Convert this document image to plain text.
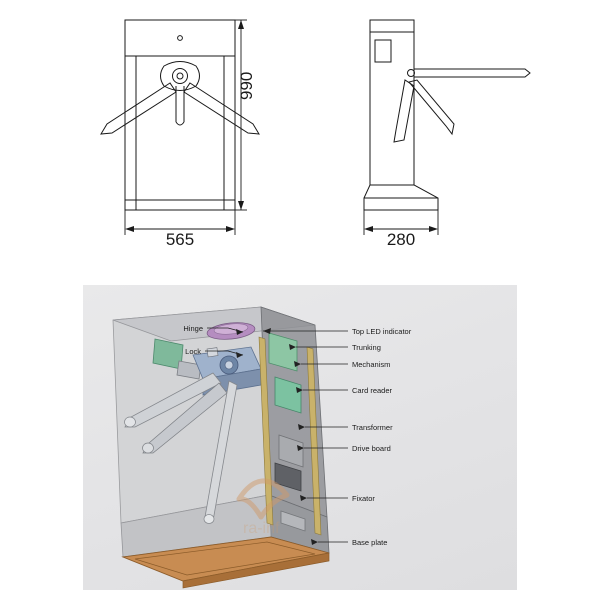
990
565	280
ra-inf
Hinge
Lock
Top LED indicator
Trunking
Mechanism
Card reader
Transformer
Drive board
Fixator
Base plate
